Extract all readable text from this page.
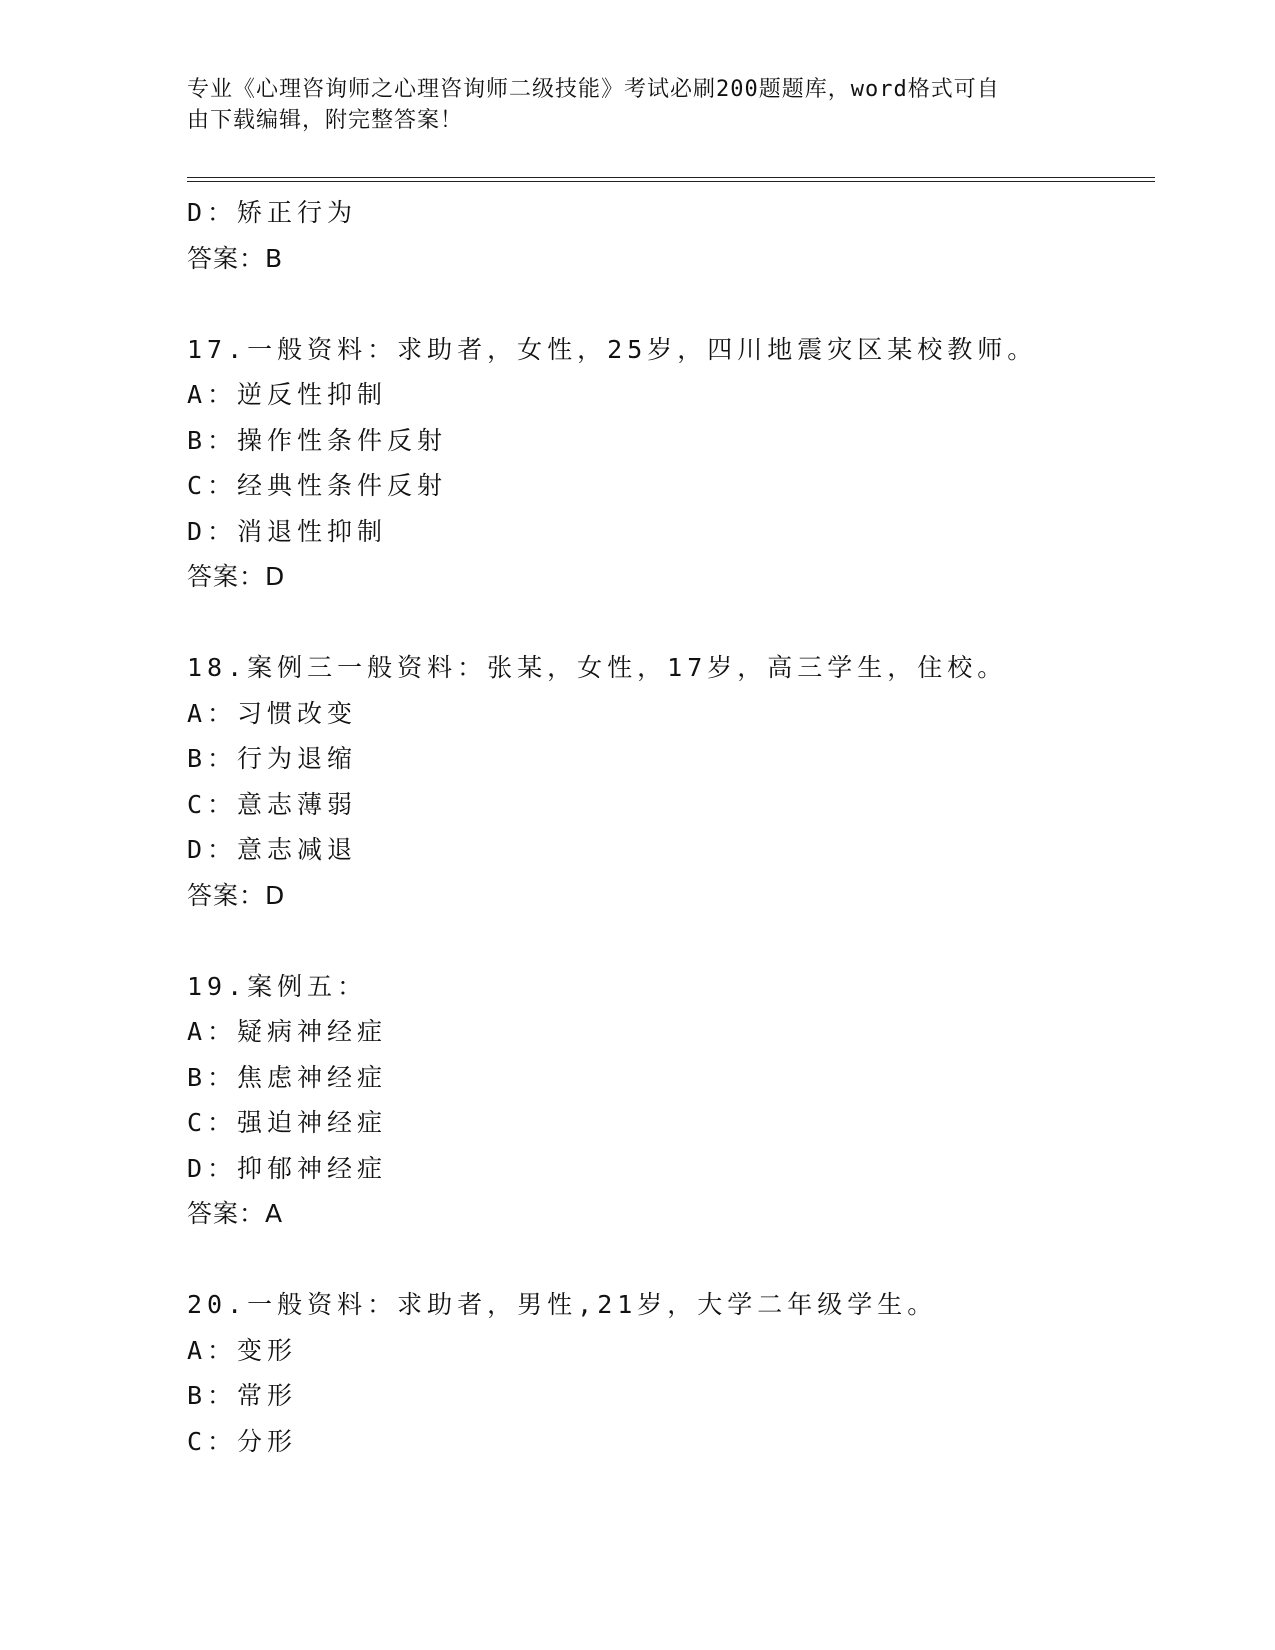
专业《心理咨询师之心理咨询师二级技能》考试必刷200题题库，word格式可自
由下载编辑，附完整答案！
D：矫正行为
答案：B
17.一般资料：求助者，女性，25岁，四川地震灾区某校教师。
A：逆反性抑制
B：操作性条件反射
C：经典性条件反射
D：消退性抑制
答案：D
18.案例三一般资料：张某，女性，17岁，高三学生，住校。
A：习惯改变
B：行为退缩
C：意志薄弱
D：意志减退
答案：D
19.案例五：
A：疑病神经症
B：焦虑神经症
C：强迫神经症
D：抑郁神经症
答案：A
20.一般资料：求助者，男性,21岁，大学二年级学生。
A：变形
B：常形
C：分形
